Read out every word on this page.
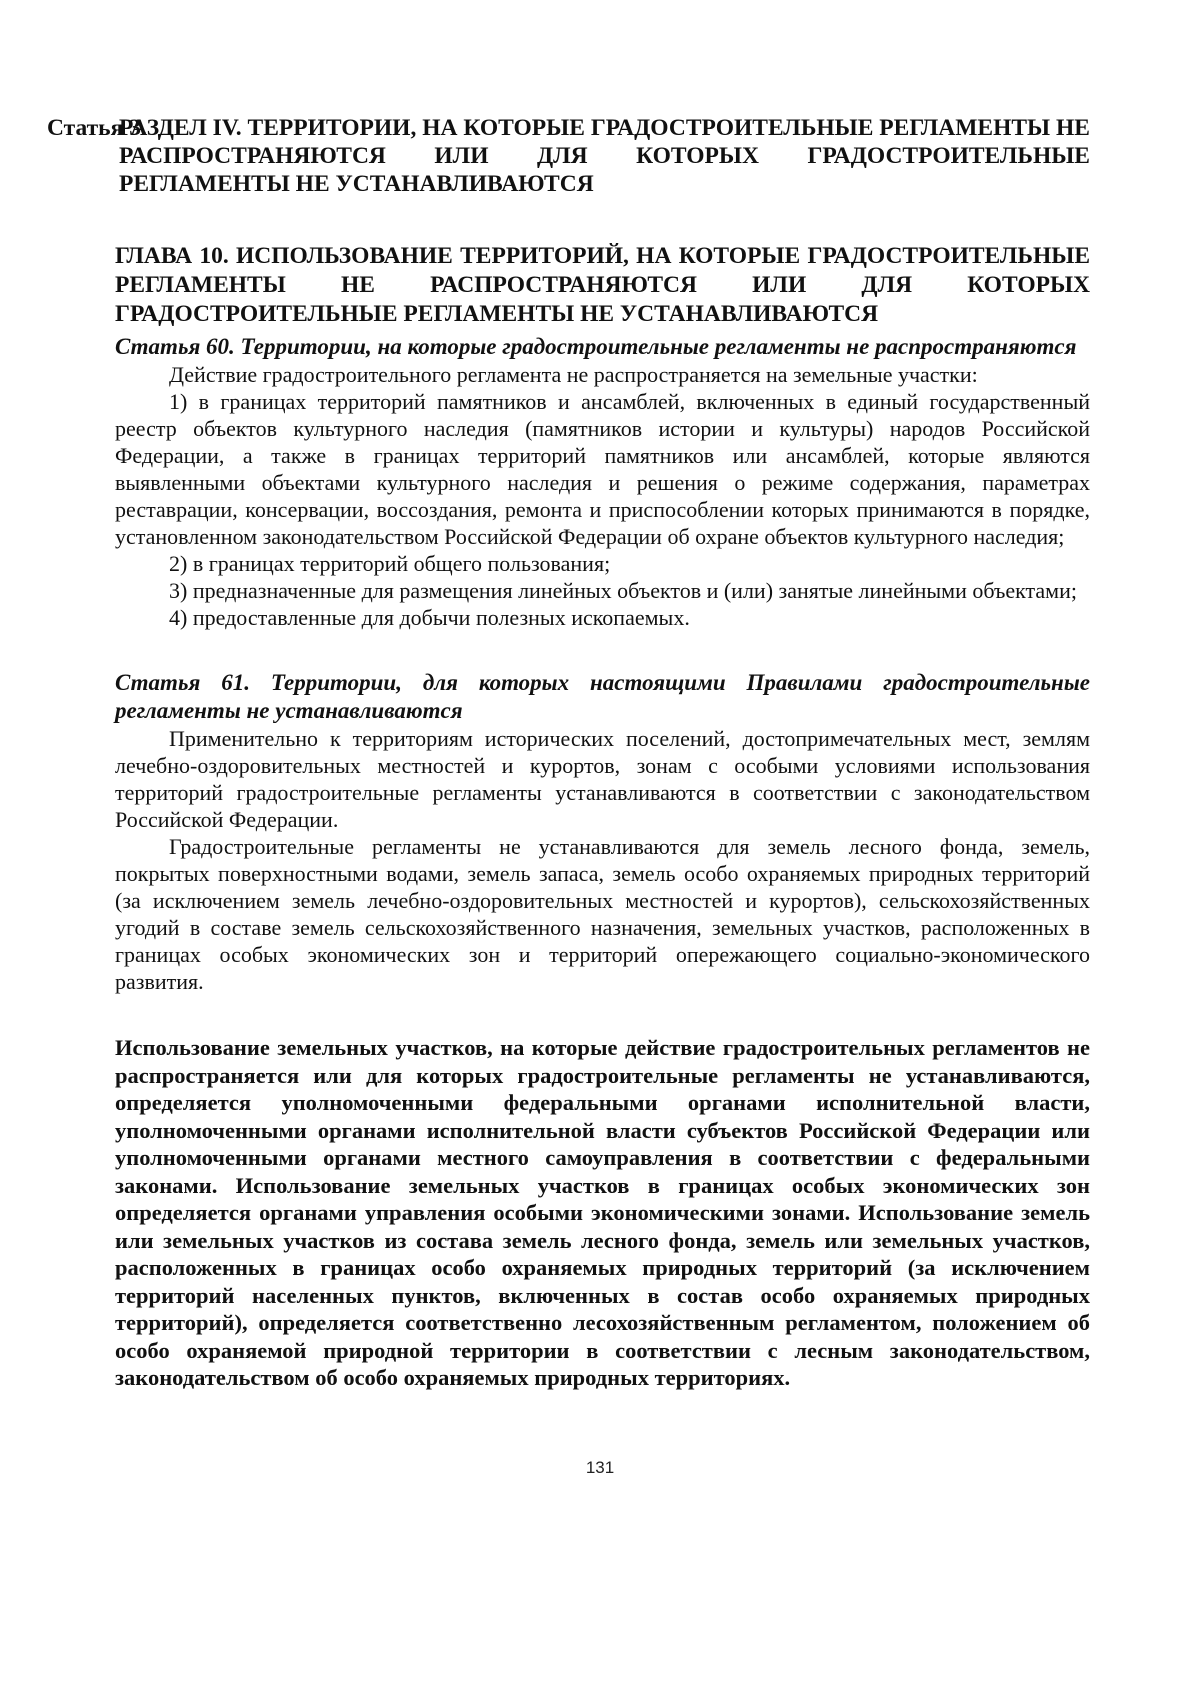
Статья 3.
РАЗДЕЛ IV. ТЕРРИТОРИИ, НА КОТОРЫЕ ГРАДОСТРОИТЕЛЬНЫЕ РЕГЛАМЕНТЫ НЕ РАСПРОСТРАНЯЮТСЯ ИЛИ ДЛЯ КОТОРЫХ ГРАДОСТРОИТЕЛЬНЫЕ РЕГЛАМЕНТЫ НЕ УСТАНАВЛИВАЮТСЯ

ГЛАВА 10. ИСПОЛЬЗОВАНИЕ ТЕРРИТОРИЙ, НА КОТОРЫЕ ГРАДОСТРОИТЕЛЬНЫЕ РЕГЛАМЕНТЫ НЕ РАСПРОСТРАНЯЮТСЯ ИЛИ ДЛЯ КОТОРЫХ ГРАДОСТРОИТЕЛЬНЫЕ РЕГЛАМЕНТЫ НЕ УСТАНАВЛИВАЮТСЯ

Статья 60. Территории, на которые градостроительные регламенты не распространяются

Действие градостроительного регламента не распространяется на земельные участки:

1) в границах территорий памятников и ансамблей, включенных в единый государственный реестр объектов культурного наследия (памятников истории и культуры) народов Российской Федерации, а также в границах территорий памятников или ансамблей, которые являются выявленными объектами культурного наследия и решения о режиме содержания, параметрах реставрации, консервации, воссоздания, ремонта и приспособлении которых принимаются в порядке, установленном законодательством Российской Федерации об охране объектов культурного наследия;

2) в границах территорий общего пользования;

3) предназначенные для размещения линейных объектов и (или) занятые линейными объектами;

4) предоставленные для добычи полезных ископаемых.

Статья 61. Территории, для которых настоящими Правилами градостроительные регламенты не устанавливаются

Применительно к территориям исторических поселений, достопримечательных мест, землям лечебно-оздоровительных местностей и курортов, зонам с особыми условиями использования территорий градостроительные регламенты устанавливаются в соответствии с законодательством Российской Федерации.

Градостроительные регламенты не устанавливаются для земель лесного фонда, земель, покрытых поверхностными водами, земель запаса, земель особо охраняемых природных территорий (за исключением земель лечебно-оздоровительных местностей и курортов), сельскохозяйственных угодий в составе земель сельскохозяйственного назначения, земельных участков, расположенных в границах особых экономических зон и территорий опережающего социально-экономического развития.

Использование земельных участков, на которые действие градостроительных регламентов не распространяется или для которых градостроительные регламенты не устанавливаются, определяется уполномоченными федеральными органами исполнительной власти, уполномоченными органами исполнительной власти субъектов Российской Федерации или уполномоченными органами местного самоуправления в соответствии с федеральными законами. Использование земельных участков в границах особых экономических зон определяется органами управления особыми экономическими зонами. Использование земель или земельных участков из состава земель лесного фонда, земель или земельных участков, расположенных в границах особо охраняемых природных территорий (за исключением территорий населенных пунктов, включенных в состав особо охраняемых природных территорий), определяется соответственно лесохозяйственным регламентом, положением об особо охраняемой природной территории в соответствии с лесным законодательством, законодательством об особо охраняемых природных территориях.

131
